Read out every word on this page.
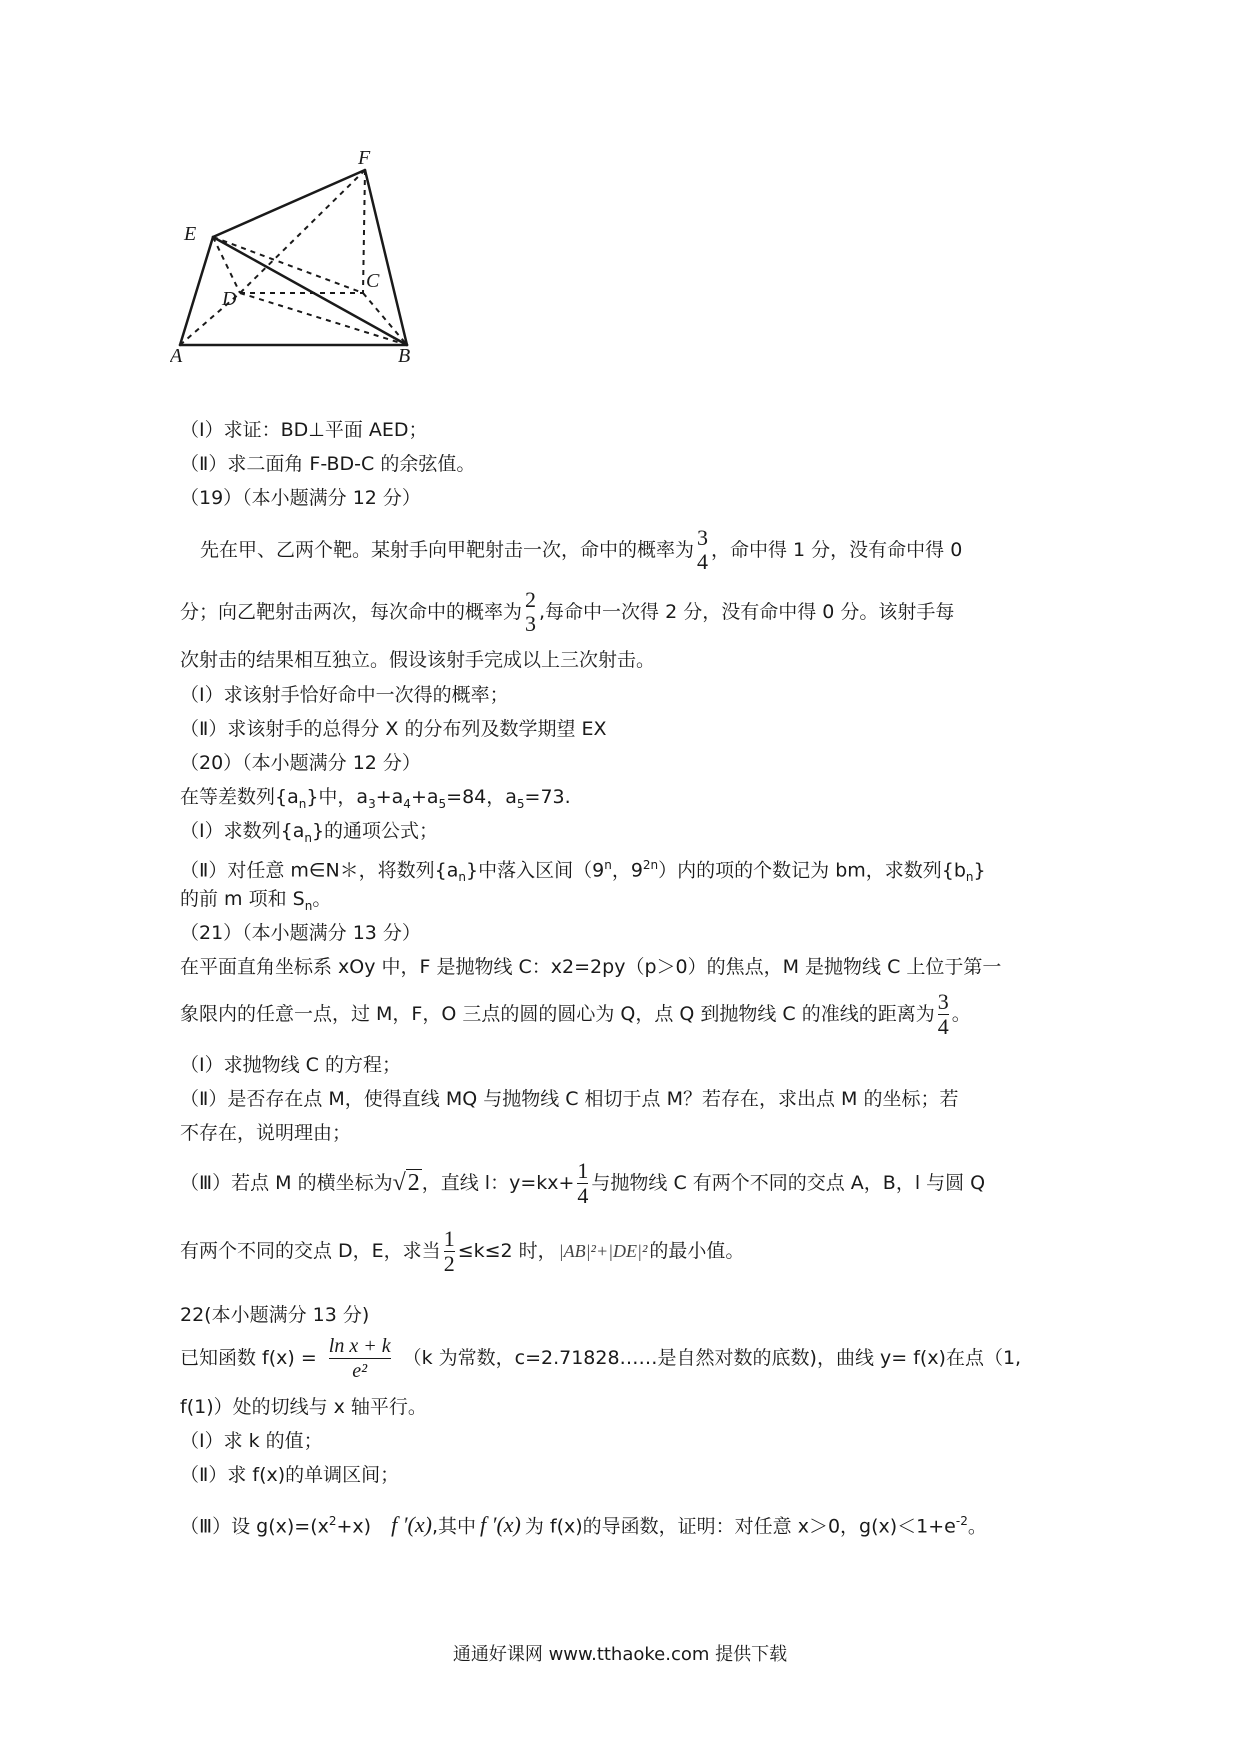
F
E
C
D
A	B
（Ⅰ）求证：BD⊥平面 AED；
（Ⅱ）求二面角 F-BD-C 的余弦值。
（19）（本小题满分 12 分）
先在甲、乙两个靶。某射手向甲靶射击一次，命中的概率为 3
4 ，命中得 1 分，没有命中得 0
分；向乙靶射击两次，每次命中的概率为 2
3 ,每命中一次得 2 分，没有命中得 0 分。该射手每
次射击的结果相互独立。假设该射手完成以上三次射击。
（Ⅰ）求该射手恰好命中一次得的概率；
（Ⅱ）求该射手的总得分 X 的分布列及数学期望 EX
（20）（本小题满分 12 分）
在等差数列$\{a_n\}$中，$a_3+a_4+a_5=84$，$a_5=73$.
（Ⅰ）求数列$\{a_n\}$的通项公式；
（Ⅱ）对任意 m∈N＊，将数列$\{a_n\}$中落入区间（9$^n$，$9^{2n}$）内的项的个数记为 bm，求数列$\{b_n\}$
的前 m 项和 $S_n$。
（21）（本小题满分 13 分）
在平面直角坐标系 xOy 中，F 是抛物线 C：x2=2py（p＞0）的焦点，M 是抛物线 C 上位于第一
象限内的任意一点，过 M，F，O 三点的圆的圆心为 Q，点 Q 到抛物线 C 的准线的距离为 $\frac{3}{4}$ 。
（Ⅰ）求抛物线 C 的方程；
（Ⅱ）是否存在点 M，使得直线 MQ 与抛物线 C 相切于点 M？若存在，求出点 M 的坐标；若
不存在，说明理由；
（Ⅲ）若点 M 的横坐标为 √2 ，直线 l：$y=kx+ \frac{1}{4}$ 与抛物线 C 有两个不同的交点 A，B，l 与圆 Q
有两个不同的交点 D，E，求当 $\frac{1}{2} \le k\le 2$ 时， |AB|²+|DE|² 的最小值。
22(本小题满分 13 分)
已知函数 $f(x) = \frac{\text{ln x + k}}{\text{e²}} (k$ 为常数，c=2.71828……是自然对数的底数)，曲线 y= f(x)在点（1,
f(1)）处的切线与 x 轴平行。
（Ⅰ）求 k 的值；
（Ⅱ）求 f(x)的单调区间；
（Ⅲ）设 $g(x)=(x^2+x)$ f ′(x),其中 f ′(x) 为 f(x)的导函数，证明：对任意 x＞0，$g(x)<1+e^{-2}$。
通通好课网 www.tthaoke.com 提供下载
